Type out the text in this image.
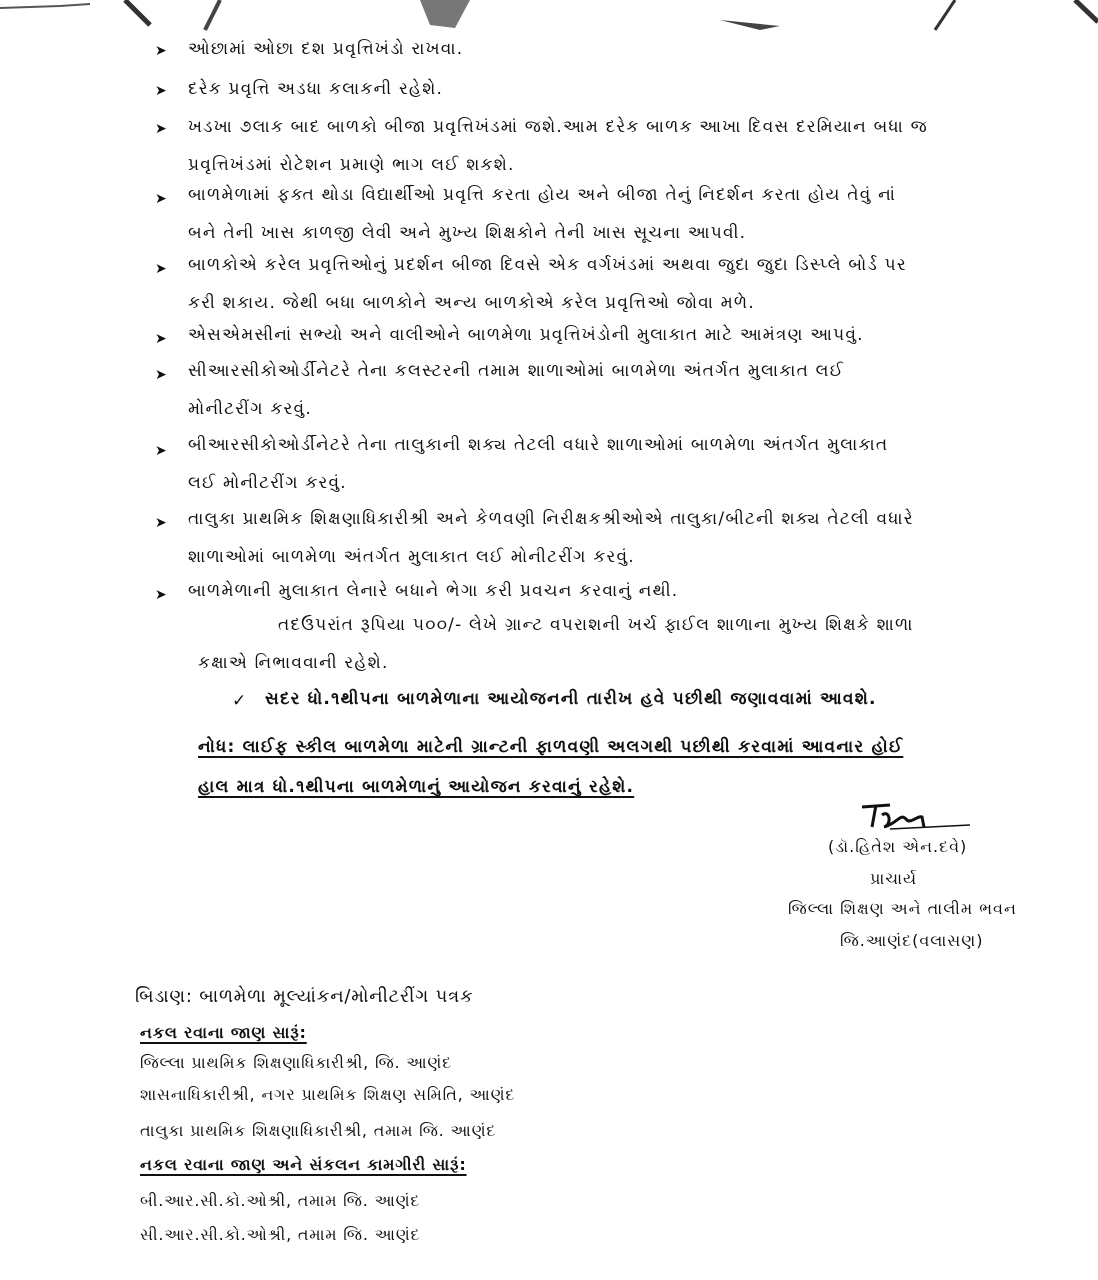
➤ ઓછામાં ઓછા દશ પ્રવૃત્તિખંડો રાખવા.
➤ દરેક પ્રવૃત્તિ અડધા કલાકની રહેશે.
➤ ખડખા ૭લાક બાદ બાળકો બીજા પ્રવૃત્તિખંડમાં જશે.આમ દરેક બાળક આખા દિવસ દરમિયાન બધા જ
પ્રવૃત્તિખંડમાં રોટેશન પ્રમાણે ભાગ લઈ શકશે.
➤ બાળમેળામાં ફક્ત થોડા વિદ્યાર્થીઓ પ્રવૃત્તિ કરતા હોય અને બીજા તેનું નિદર્શન કરતા હોય તેવું નાં
બને તેની ખાસ કાળજી લેવી અને મુખ્ય શિક્ષકોને તેની ખાસ સૂચના આપવી.
➤ બાળકોએ કરેલ પ્રવૃત્તિઓનું પ્રદર્શન બીજા દિવસે એક વર્ગખંડમાં અથવા જુદા જુદા ડિસ્પ્લે બોર્ડ પર
કરી શકાય. જેથી બધા બાળકોને અન્ય બાળકોએ કરેલ પ્રવૃત્તિઓ જોવા મળે.
➤ એસએમસીનાં સભ્યો અને વાલીઓને બાળમેળા પ્રવૃત્તિખંડોની મુલાકાત માટે આમંત્રણ આપવું.
➤ સીઆરસીકોઓર્ડીનેટરે તેના કલસ્ટરની તમામ શાળાઓમાં બાળમેળા અંતર્ગત મુલાકાત લઈ
મોનીટરીંગ કરવું.
➤ બીઆરસીકોઓર્ડીનેટરે તેના તાલુકાની શક્ય તેટલી વધારે શાળાઓમાં બાળમેળા અંતર્ગત મુલાકાત
લઈ મોનીટરીંગ કરવું.
➤ તાલુકા પ્રાથમિક શિક્ષણાધિકારીશ્રી અને કેળવણી નિરીક્ષકશ્રીઓએ તાલુકા/બીટની શક્ય તેટલી વધારે
શાળાઓમાં બાળમેળા અંતર્ગત મુલાકાત લઈ મોનીટરીંગ કરવું.
➤ બાળમેળાની મુલાકાત લેનારે બધાને ભેગા કરી પ્રવચન કરવાનું નથી.
તદઉપરાંત રૂપિયા ૫૦૦/- લેખે ગ્રાન્ટ વપરાશની ખર્ચ ફાઈલ શાળાના મુખ્ય શિક્ષકે શાળા
કક્ષાએ નિભાવવાની રહેશે.
✓ સદર ધો.૧થીપના બાળમેળાના આયોજનની તારીખ હવે પછીથી જણાવવામાં આવશે.
નોધ: લાઈફ સ્કીલ બાળમેળા માટેની ગ્રાન્ટની ફાળવણી અલગથી પછીથી કરવામાં આવનાર હોઈ
હાલ માત્ર ધો.૧થીપના બાળમેળાનું આયોજન કરવાનું રહેશે.
(ડૉ.હિતેશ એન.દવે)
પ્રાચાર્ય
જિલ્લા શિક્ષણ અને તાલીમ ભવન
જિ.આણંદ(વલાસણ)
બિડાણ: બાળમેળા મૂલ્યાંકન/મોનીટરીંગ પત્રક
નકલ રવાના જાણ સારૂં:
જિલ્લા પ્રાથમિક શિક્ષણાધિકારીશ્રી, જિ. આણંદ
શાસનાધિકારીશ્રી, નગર પ્રાથમિક શિક્ષણ સમિતિ, આણંદ
તાલુકા પ્રાથમિક શિક્ષણાધિકારીશ્રી, તમામ જિ. આણંદ
નકલ રવાના જાણ અને સંકલન કામગીરી સારૂં:
બી.આર.સી.કો.ઓશ્રી, તમામ જિ. આણંદ
સી.આર.સી.કો.ઓશ્રી, તમામ જિ. આણંદ
